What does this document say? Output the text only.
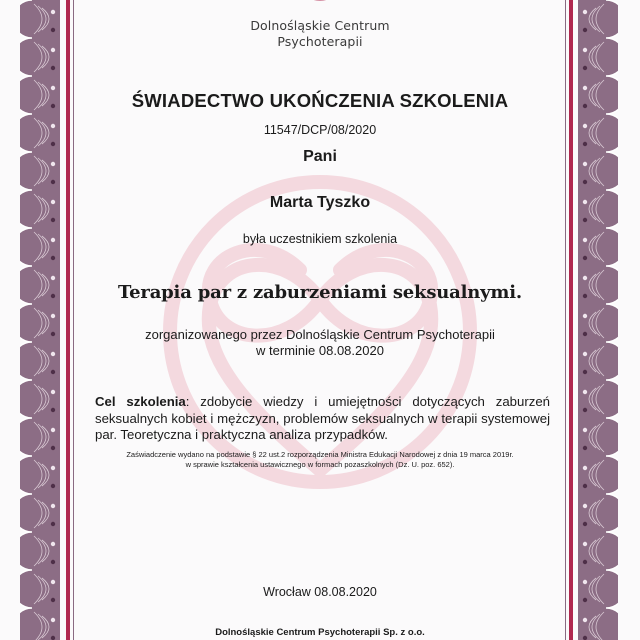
Dolnośląskie Centrum
Psychoterapii
ŚWIADECTWO UKOŃCZENIA SZKOLENIA
11547/DCP/08/2020
Pani
Marta Tyszko
była uczestnikiem szkolenia
Terapia par z zaburzeniami seksualnymi.
zorganizowanego przez Dolnośląskie Centrum Psychoterapii
w terminie 08.08.2020
Cel szkolenia: zdobycie wiedzy i umiejętności dotyczących zaburzeń seksualnych kobiet i mężczyzn, problemów seksualnych w terapii systemowej par. Teoretyczna i praktyczna analiza przypadków.
Zaświadczenie wydano na podstawie § 22 ust.2 rozporządzenia Ministra Edukacji Narodowej z dnia 19 marca 2019r.
w sprawie kształcenia ustawicznego w formach pozaszkolnych (Dz. U. poz. 652).
Wrocław 08.08.2020
Dolnośląskie Centrum Psychoterapii Sp. z o.o.
